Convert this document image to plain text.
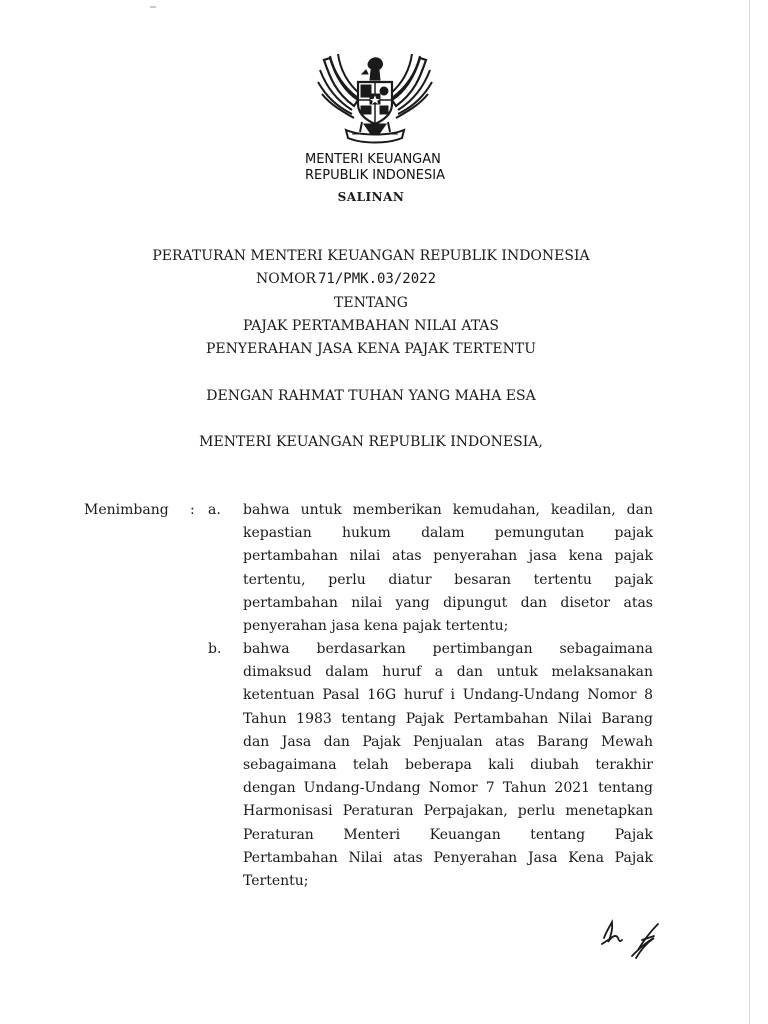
MENTERI KEUANGAN
REPUBLIK INDONESIA
SALINAN
PERATURAN MENTERI KEUANGAN REPUBLIK INDONESIA
NOMOR 71/PMK.03/2022
TENTANG
PAJAK PERTAMBAHAN NILAI ATAS
PENYERAHAN JASA KENA PAJAK TERTENTU
DENGAN RAHMAT TUHAN YANG MAHA ESA
MENTERI KEUANGAN REPUBLIK INDONESIA,
Menimbang : a. bahwa untuk memberikan kemudahan, keadilan, dan
kepastian hukum dalam pemungutan pajak
pertambahan nilai atas penyerahan jasa kena pajak
tertentu, perlu diatur besaran tertentu pajak
pertambahan nilai yang dipungut dan disetor atas
penyerahan jasa kena pajak tertentu;
b. bahwa berdasarkan pertimbangan sebagaimana
dimaksud dalam huruf a dan untuk melaksanakan
ketentuan Pasal 16G huruf i Undang-Undang Nomor 8
Tahun 1983 tentang Pajak Pertambahan Nilai Barang
dan Jasa dan Pajak Penjualan atas Barang Mewah
sebagaimana telah beberapa kali diubah terakhir
dengan Undang-Undang Nomor 7 Tahun 2021 tentang
Harmonisasi Peraturan Perpajakan, perlu menetapkan
Peraturan Menteri Keuangan tentang Pajak
Pertambahan Nilai atas Penyerahan Jasa Kena Pajak
Tertentu;
